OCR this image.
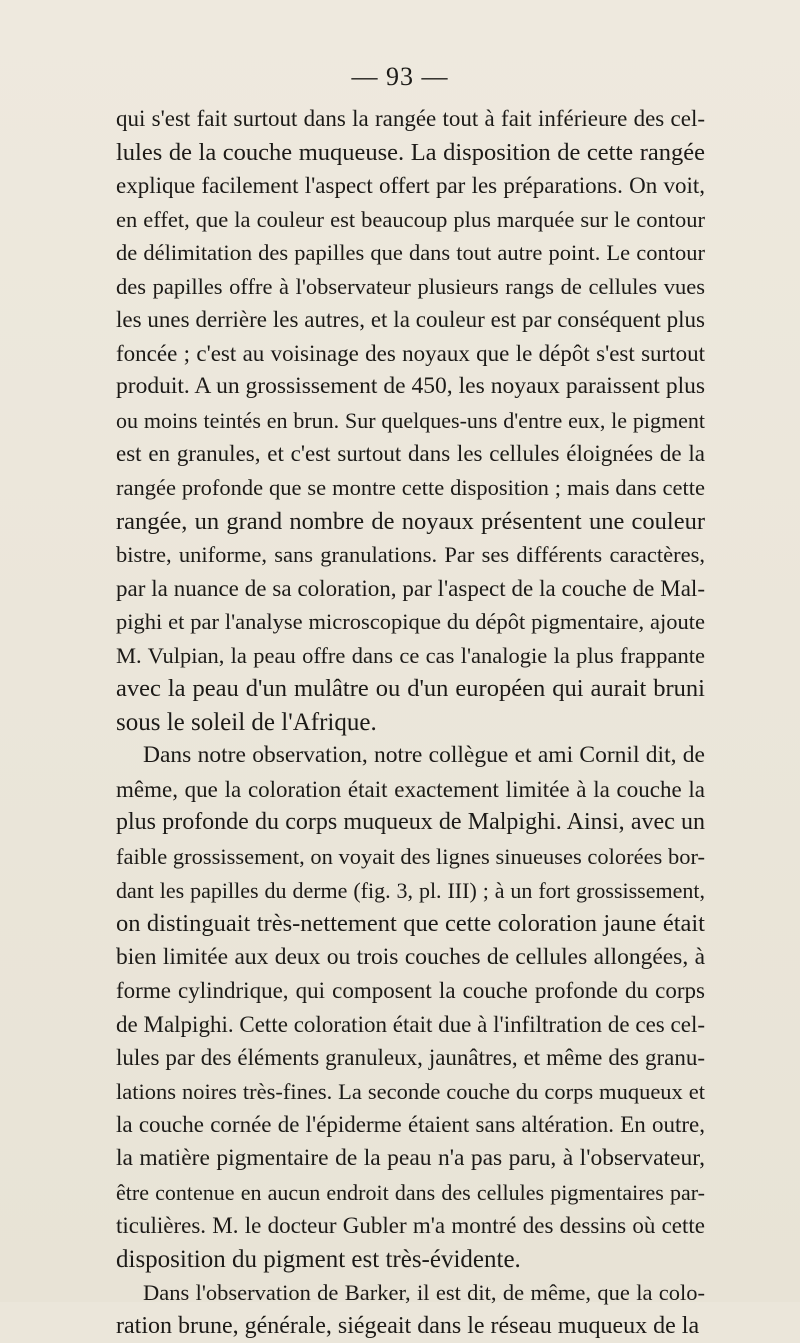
— 93 —
qui s'est fait surtout dans la rangée tout à fait inférieure des cel-
lules de la couche muqueuse. La disposition de cette rangée
explique facilement l'aspect offert par les préparations. On voit,
en effet, que la couleur est beaucoup plus marquée sur le contour
de délimitation des papilles que dans tout autre point. Le contour
des papilles offre à l'observateur plusieurs rangs de cellules vues
les unes derrière les autres, et la couleur est par conséquent plus
foncée ; c'est au voisinage des noyaux que le dépôt s'est surtout
produit. A un grossissement de 450, les noyaux paraissent plus
ou moins teintés en brun. Sur quelques-uns d'entre eux, le pigment
est en granules, et c'est surtout dans les cellules éloignées de la
rangée profonde que se montre cette disposition ; mais dans cette
rangée, un grand nombre de noyaux présentent une couleur
bistre, uniforme, sans granulations. Par ses différents caractères,
par la nuance de sa coloration, par l'aspect de la couche de Mal-
pighi et par l'analyse microscopique du dépôt pigmentaire, ajoute
M. Vulpian, la peau offre dans ce cas l'analogie la plus frappante
avec la peau d'un mulâtre ou d'un européen qui aurait bruni
sous le soleil de l'Afrique.
Dans notre observation, notre collègue et ami Cornil dit, de
même, que la coloration était exactement limitée à la couche la
plus profonde du corps muqueux de Malpighi. Ainsi, avec un
faible grossissement, on voyait des lignes sinueuses colorées bor-
dant les papilles du derme (fig. 3, pl. III) ; à un fort grossissement,
on distinguait très-nettement que cette coloration jaune était
bien limitée aux deux ou trois couches de cellules allongées, à
forme cylindrique, qui composent la couche profonde du corps
de Malpighi. Cette coloration était due à l'infiltration de ces cel-
lules par des éléments granuleux, jaunâtres, et même des granu-
lations noires très-fines. La seconde couche du corps muqueux et
la couche cornée de l'épiderme étaient sans altération. En outre,
la matière pigmentaire de la peau n'a pas paru, à l'observateur,
être contenue en aucun endroit dans des cellules pigmentaires par-
ticulières. M. le docteur Gubler m'a montré des dessins où cette
disposition du pigment est très-évidente.
Dans l'observation de Barker, il est dit, de même, que la colo-
ration brune, générale, siégeait dans le réseau muqueux de la
